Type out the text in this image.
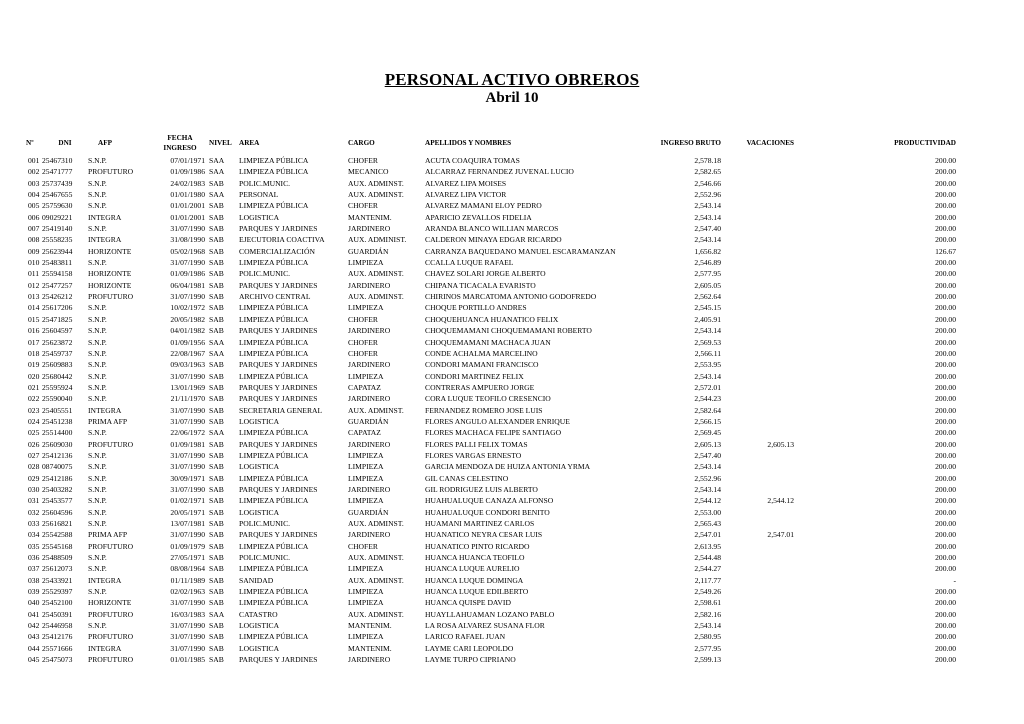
PERSONAL ACTIVO OBREROS
Abril 10
Nº	DNI	AFP	FECHA INGRESO	NIVEL	AREA	CARGO	APELLIDOS Y NOMBRES	INGRESO BRUTO	VACACIONES	PRODUCTIVIDAD
001	25467310	S.N.P.	07/01/1971	SAA	LIMPIEZA PÚBLICA	CHOFER	ACUTA COAQUIRA TOMAS	2,578.18		200.00
002	25471777	PROFUTURO	01/09/1986	SAA	LIMPIEZA PÚBLICA	MECANICO	ALCARRAZ FERNANDEZ JUVENAL LUCIO	2,582.65		200.00
003	25737439	S.N.P.	24/02/1983	SAB	POLIC.MUNIC.	AUX. ADMINST.	ALVAREZ LIPA MOISES	2,546.66		200.00
004	25467655	S.N.P.	01/01/1980	SAA	PERSONAL	AUX. ADMINST.	ALVAREZ LIPA VICTOR	2,552.96		200.00
005	25759630	S.N.P.	01/01/2001	SAB	LIMPIEZA PÚBLICA	CHOFER	ALVAREZ MAMANI ELOY PEDRO	2,543.14		200.00
006	09029221	INTEGRA	01/01/2001	SAB	LOGISTICA	MANTENIM.	APARICIO ZEVALLOS FIDELIA	2,543.14		200.00
007	25419140	S.N.P.	31/07/1990	SAB	PARQUES Y JARDINES	JARDINERO	ARANDA BLANCO WILLIAN MARCOS	2,547.40		200.00
008	25558235	INTEGRA	31/08/1990	SAB	EJECUTORIA COACTIVA	AUX. ADMINIST.	CALDERON MINAYA EDGAR RICARDO	2,543.14		200.00
009	25623944	HORIZONTE	05/02/1968	SAB	COMERCIALIZACIÓN	GUARDIÁN	CARRANZA BAQUEDANO MANUEL ESCARAMANZAN	1,656.82		126.67
010	25483811	S.N.P.	31/07/1990	SAB	LIMPIEZA PÚBLICA	LIMPIEZA	CCALLA LUQUE RAFAEL	2,546.89		200.00
011	25594158	HORIZONTE	01/09/1986	SAB	POLIC.MUNIC.	AUX. ADMINST.	CHAVEZ SOLARI JORGE ALBERTO	2,577.95		200.00
012	25477257	HORIZONTE	06/04/1981	SAB	PARQUES Y JARDINES	JARDINERO	CHIPANA TICACALA EVARISTO	2,605.05		200.00
013	25426212	PROFUTURO	31/07/1990	SAB	ARCHIVO CENTRAL	AUX. ADMINST.	CHIRINOS MARCATOMA ANTONIO GODOFREDO	2,562.64		200.00
014	25617206	S.N.P.	10/02/1972	SAB	LIMPIEZA PÚBLICA	LIMPIEZA	CHOQUE PORTILLO ANDRES	2,545.15		200.00
015	25471825	S.N.P.	20/05/1982	SAB	LIMPIEZA PÚBLICA	CHOFER	CHOQUEHUANCA HUANATICO FELIX	2,405.91		200.00
016	25604597	S.N.P.	04/01/1982	SAB	PARQUES Y JARDINES	JARDINERO	CHOQUEMAMANI CHOQUEMAMANI ROBERTO	2,543.14		200.00
017	25623872	S.N.P.	01/09/1956	SAA	LIMPIEZA PÚBLICA	CHOFER	CHOQUEMAMANI MACHACA JUAN	2,569.53		200.00
018	25459737	S.N.P.	22/08/1967	SAA	LIMPIEZA PÚBLICA	CHOFER	CONDE ACHALMA MARCELINO	2,566.11		200.00
019	25609883	S.N.P.	09/03/1963	SAB	PARQUES Y JARDINES	JARDINERO	CONDORI MAMANI FRANCISCO	2,553.95		200.00
020	25680442	S.N.P.	31/07/1990	SAB	LIMPIEZA PÚBLICA	LIMPIEZA	CONDORI MARTINEZ FELIX	2,543.14		200.00
021	25595924	S.N.P.	13/01/1969	SAB	PARQUES Y JARDINES	CAPATAZ	CONTRERAS AMPUERO JORGE	2,572.01		200.00
022	25590040	S.N.P.	21/11/1970	SAB	PARQUES Y JARDINES	JARDINERO	CORA LUQUE TEOFILO CRESENCIO	2,544.23		200.00
023	25405551	INTEGRA	31/07/1990	SAB	SECRETARIA GENERAL	AUX. ADMINST.	FERNANDEZ ROMERO JOSE LUIS	2,582.64		200.00
024	25451238	PRIMA AFP	31/07/1990	SAB	LOGISTICA	GUARDIÁN	FLORES ANGULO ALEXANDER ENRIQUE	2,566.15		200.00
025	25514400	S.N.P.	22/06/1972	SAA	LIMPIEZA PÚBLICA	CAPATAZ	FLORES MACHACA FELIPE SANTIAGO	2,569.45		200.00
026	25609030	PROFUTURO	01/09/1981	SAB	PARQUES Y JARDINES	JARDINERO	FLORES PALLI FELIX TOMAS	2,605.13	2,605.13	200.00
027	25412136	S.N.P.	31/07/1990	SAB	LIMPIEZA PÚBLICA	LIMPIEZA	FLORES VARGAS ERNESTO	2,547.40		200.00
028	08740075	S.N.P.	31/07/1990	SAB	LOGISTICA	LIMPIEZA	GARCIA MENDOZA DE HUIZA ANTONIA YRMA	2,543.14		200.00
029	25412186	S.N.P.	30/09/1971	SAB	LIMPIEZA PÚBLICA	LIMPIEZA	GIL CANAS CELESTINO	2,552.96		200.00
030	25403282	S.N.P.	31/07/1990	SAB	PARQUES Y JARDINES	JARDINERO	GIL RODRIGUEZ LUIS ALBERTO	2,543.14		200.00
031	25453577	S.N.P.	01/02/1971	SAB	LIMPIEZA PÚBLICA	LIMPIEZA	HUAHUALUQUE CANAZA ALFONSO	2,544.12	2,544.12	200.00
032	25604596	S.N.P.	20/05/1971	SAB	LOGISTICA	GUARDIÁN	HUAHUALUQUE CONDORI BENITO	2,553.00		200.00
033	25616821	S.N.P.	13/07/1981	SAB	POLIC.MUNIC.	AUX. ADMINST.	HUAMANI MARTINEZ CARLOS	2,565.43		200.00
034	25542588	PRIMA AFP	31/07/1990	SAB	PARQUES Y JARDINES	JARDINERO	HUANATICO NEYRA CESAR LUIS	2,547.01	2,547.01	200.00
035	25545168	PROFUTURO	01/09/1979	SAB	LIMPIEZA PÚBLICA	CHOFER	HUANATICO PINTO RICARDO	2,613.95		200.00
036	25488509	S.N.P.	27/05/1971	SAB	POLIC.MUNIC.	AUX. ADMINST.	HUANCA HUANCA TEOFILO	2,544.48		200.00
037	25612073	S.N.P.	08/08/1964	SAB	LIMPIEZA PÚBLICA	LIMPIEZA	HUANCA LUQUE AURELIO	2,544.27		200.00
038	25433921	INTEGRA	01/11/1989	SAB	SANIDAD	AUX. ADMINST.	HUANCA LUQUE DOMINGA	2,117.77		-
039	25529397	S.N.P.	02/02/1963	SAB	LIMPIEZA PÚBLICA	LIMPIEZA	HUANCA LUQUE EDILBERTO	2,549.26		200.00
040	25452100	HORIZONTE	31/07/1990	SAB	LIMPIEZA PÚBLICA	LIMPIEZA	HUANCA QUISPE DAVID	2,598.61		200.00
041	25450391	PROFUTURO	16/03/1983	SAA	CATASTRO	AUX. ADMINST.	HUAYLLAHUAMAN LOZANO PABLO	2,582.16		200.00
042	25446958	S.N.P.	31/07/1990	SAB	LOGISTICA	MANTENIM.	LA ROSA ALVAREZ SUSANA FLOR	2,543.14		200.00
043	25412176	PROFUTURO	31/07/1990	SAB	LIMPIEZA PÚBLICA	LIMPIEZA	LARICO RAFAEL JUAN	2,580.95		200.00
044	25571666	INTEGRA	31/07/1990	SAB	LOGISTICA	MANTENIM.	LAYME CARI LEOPOLDO	2,577.95		200.00
045	25475073	PROFUTURO	01/01/1985	SAB	PARQUES Y JARDINES	JARDINERO	LAYME TURPO CIPRIANO	2,599.13		200.00
